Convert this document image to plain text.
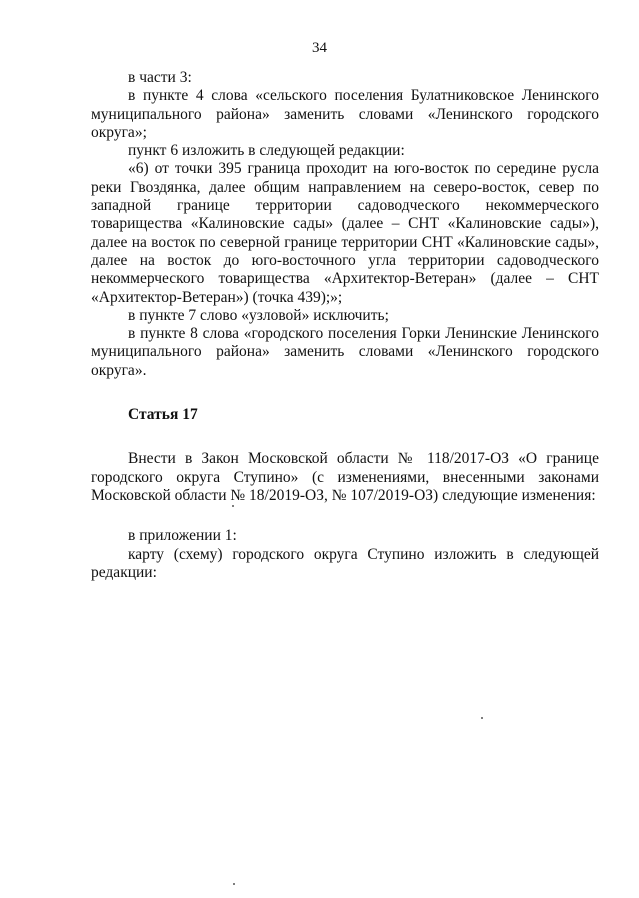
34

в части 3:

в пункте 4 слова «сельского поселения Булатниковское Ленинского муниципального района» заменить словами «Ленинского городского округа»;

пункт 6 изложить в следующей редакции:

«6) от точки 395 граница проходит на юго-восток по середине русла реки Гвоздянка, далее общим направлением на северо-восток, север по западной границе территории садоводческого некоммерческого товарищества «Калиновские сады» (далее – СНТ «Калиновские сады»), далее на восток по северной границе территории СНТ «Калиновские сады», далее на восток до юго-восточного угла территории садоводческого некоммерческого товарищества «Архитектор-Ветеран» (далее – СНТ «Архитектор-Ветеран») (точка 439);»;

в пункте 7 слово «узловой» исключить;

в пункте 8 слова «городского поселения Горки Ленинские Ленинского муниципального района» заменить словами «Ленинского городского округа».

Статья 17

Внести в Закон Московской области № 118/2017-ОЗ «О границе городского округа Ступино» (с изменениями, внесенными законами Московской области № 18/2019-ОЗ, № 107/2019-ОЗ) следующие изменения:

в приложении 1:

карту (схему) городского округа Ступино изложить в следующей редакции:
